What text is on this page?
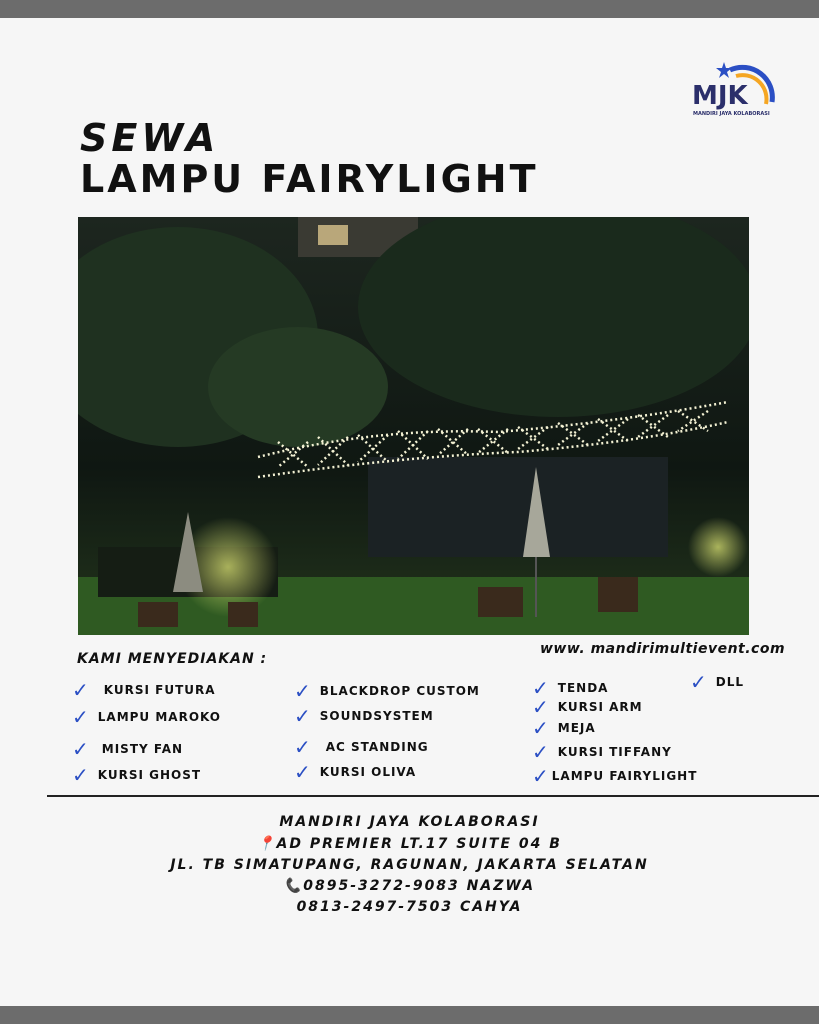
MJK
MANDIRI JAYA KOLABORASI
SEWA
LAMPU FAIRYLIGHT
KAMI MENYEDIAKAN :
www. mandirimultievent.com
✓ KURSI FUTURA
✓ LAMPU MAROKO
✓ MISTY FAN
✓ KURSI GHOST
✓ BLACKDROP CUSTOM
✓ SOUNDSYSTEM
✓ AC STANDING
✓ KURSI OLIVA
✓ TENDA
✓ KURSI ARM
✓ MEJA
✓ KURSI TIFFANY
✓ LAMPU FAIRYLIGHT
✓ DLL
MANDIRI JAYA KOLABORASI
📍AD PREMIER LT.17 SUITE 04 B
JL. TB SIMATUPANG, RAGUNAN, JAKARTA SELATAN
📞0895-3272-9083 NAZWA
0813-2497-7503 CAHYA
